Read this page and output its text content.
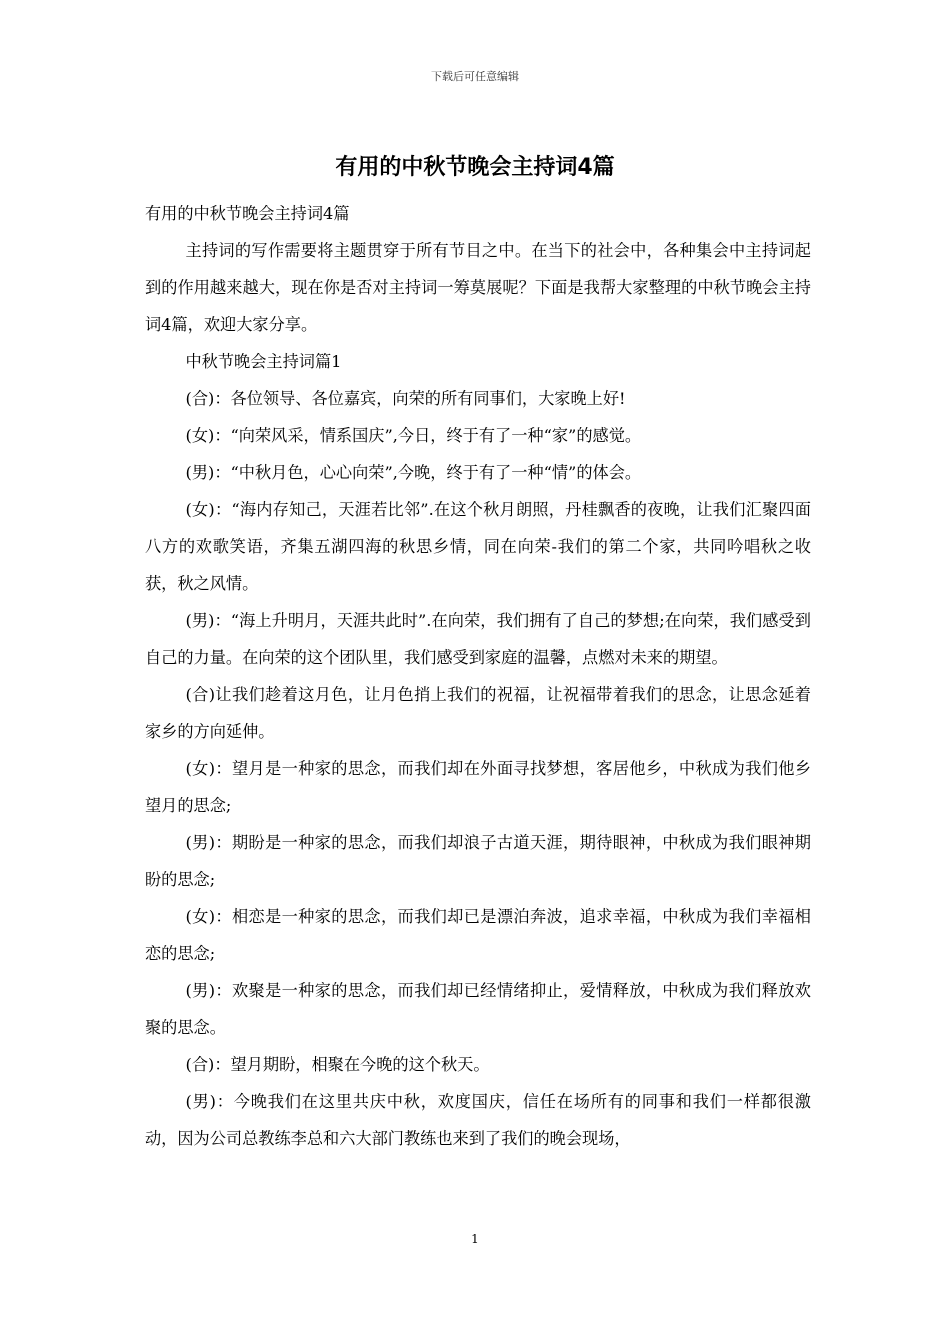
下载后可任意编辑
有用的中秋节晚会主持词4篇

有用的中秋节晚会主持词4篇

主持词的写作需要将主题贯穿于所有节目之中。在当下的社会中，各种集会中主持词起到的作用越来越大，现在你是否对主持词一筹莫展呢？下面是我帮大家整理的中秋节晚会主持词4篇，欢迎大家分享。

中秋节晚会主持词篇1

(合)：各位领导、各位嘉宾，向荣的所有同事们，大家晚上好!

(女)：“向荣风采，情系国庆”,今日，终于有了一种“家”的感觉。

(男)：“中秋月色，心心向荣”,今晚，终于有了一种“情”的体会。

(女)：“海内存知己，天涯若比邻”.在这个秋月朗照，丹桂飘香的夜晚，让我们汇聚四面八方的欢歌笑语，齐集五湖四海的秋思乡情，同在向荣-我们的第二个家，共同吟唱秋之收获，秋之风情。

(男)：“海上升明月，天涯共此时”.在向荣，我们拥有了自己的梦想;在向荣，我们感受到自己的力量。在向荣的这个团队里，我们感受到家庭的温馨，点燃对未来的期望。

(合)让我们趁着这月色，让月色捎上我们的祝福，让祝福带着我们的思念，让思念延着家乡的方向延伸。

(女)：望月是一种家的思念，而我们却在外面寻找梦想，客居他乡，中秋成为我们他乡望月的思念;

(男)：期盼是一种家的思念，而我们却浪子古道天涯，期待眼神，中秋成为我们眼神期盼的思念;

(女)：相恋是一种家的思念，而我们却已是漂泊奔波，追求幸福，中秋成为我们幸福相恋的思念;

(男)：欢聚是一种家的思念，而我们却已经情绪抑止，爱情释放，中秋成为我们释放欢聚的思念。

(合)：望月期盼，相聚在今晚的这个秋天。

(男)：今晚我们在这里共庆中秋，欢度国庆，信任在场所有的同事和我们一样都很激动，因为公司总教练李总和六大部门教练也来到了我们的晚会现场，

1
